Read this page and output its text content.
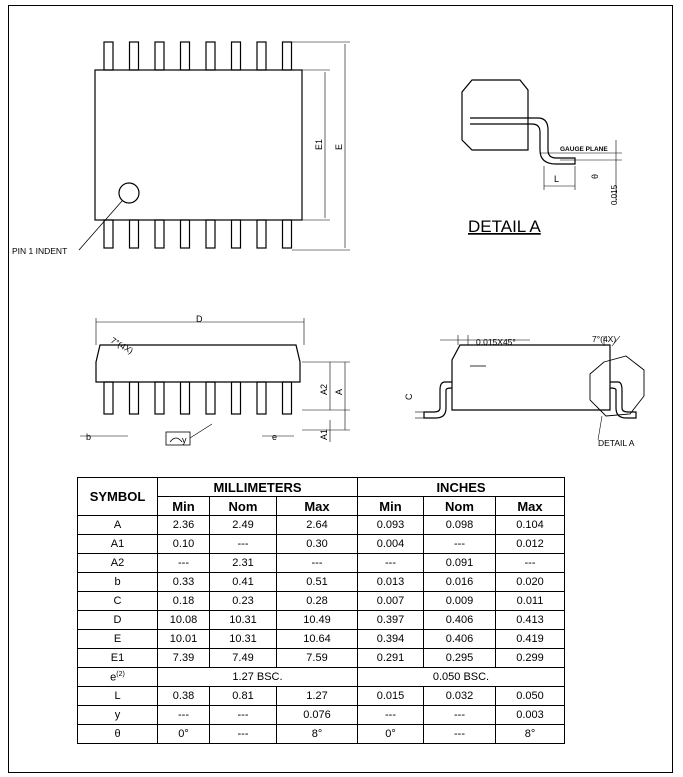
PIN 1 INDENT
E1 E	GAUGE PLANE
L	θ
0.015
DETAIL A
D
7°(4X)
A2 A
A1
b	e
y
0.015X45°	7°(4X)
C
DETAIL A
SYMBOL	MILLIMETERS			INCHES		
	Min	Nom	Max	Min	Nom	Max
A	2.36	2.49	2.64	0.093	0.098	0.104
A1	0.10	---	0.30	0.004	---	0.012
A2	---	2.31	---	---	0.091	---
b	0.33	0.41	0.51	0.013	0.016	0.020
C	0.18	0.23	0.28	0.007	0.009	0.011
D	10.08	10.31	10.49	0.397	0.406	0.413
E	10.01	10.31	10.64	0.394	0.406	0.419
E1	7.39	7.49	7.59	0.291	0.295	0.299
$e^{(2)}$	1.27 BSC.			0.050 BSC.		
L	0.38	0.81	1.27	0.015	0.032	0.050
y	---	---	0.076	---	---	0.003
θ	0°	---	8°	0°	---	8°
